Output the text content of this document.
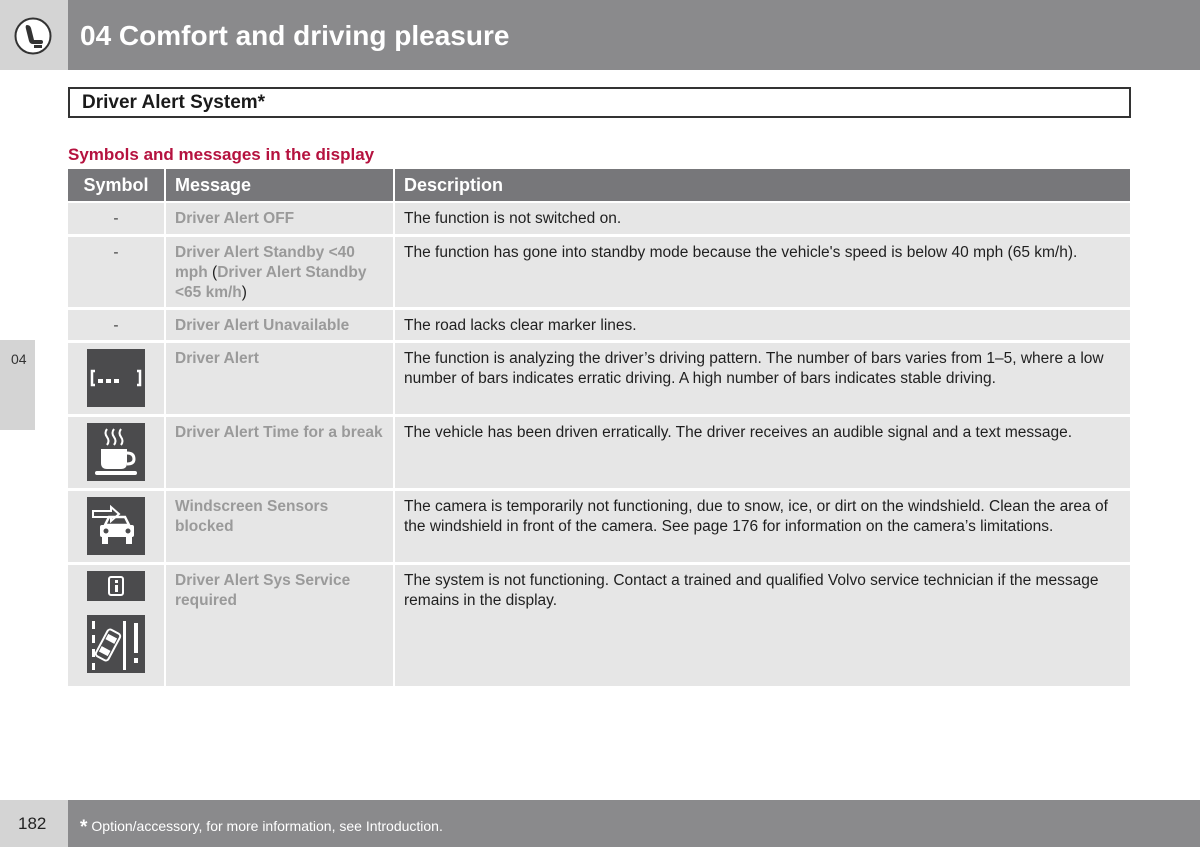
04 Comfort and driving pleasure
Driver Alert System*
Symbols and messages in the display
04
Symbol	Message	Description
-	Driver Alert OFF	The function is not switched on.
-	Driver Alert Standby <40 mph (Driver Alert Standby <65 km/h)	The function has gone into standby mode because the vehicle's speed is below 40 mph (65 km/h).
-	Driver Alert Unavailable	The road lacks clear marker lines.

	Driver Alert	The function is analyzing the driver’s driving pattern. The number of bars varies from 1–5, where a low number of bars indicates erratic driving. A high number of bars indicates stable driving.

	Driver Alert Time for a break	The vehicle has been driven erratically. The driver receives an audible signal and a text message.

	Windscreen Sensors blocked	The camera is temporarily not functioning, due to snow, ice, or dirt on the windshield. Clean the area of the windshield in front of the camera. See page 176 for information on the camera’s limitations.

	Driver Alert Sys Service required	The system is not functioning. Contact a trained and qualified Volvo service technician if the message remains in the display.
182 * Option/accessory, for more information, see Introduction.
